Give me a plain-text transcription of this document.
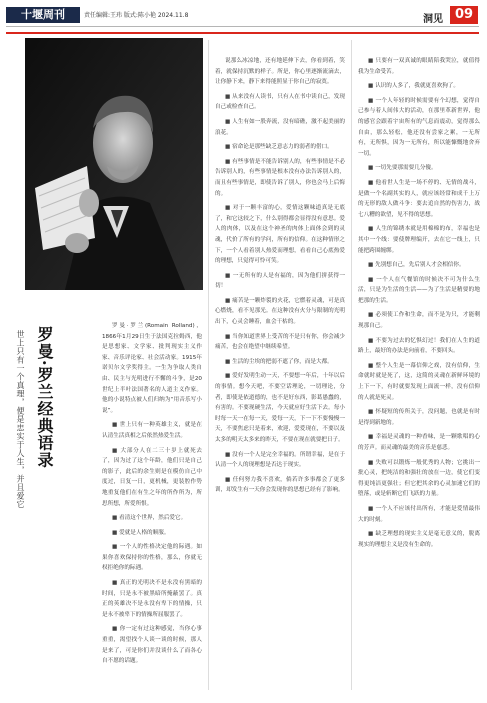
十堰周刊	责任编辑:王玮 版式:陈小艳 2024.11.8	洞见 09
罗曼·罗兰经典语录
世上只有一个真理，便是忠实于人生，并且爱它

罗曼·罗兰(Romain Rolland)，1866年1月29日生于法国克拉姆西，他是思想家、文学家、批判现实主义作家、音乐评论家、社会活动家。1915年诺贝尔文学奖得主。一生为争取人类自由、民主与光明进行不懈的斗争，是20世纪上半叶法国著名的人道主义作家。他的小说特点被人们归纳为“用音乐写小说”。

■ 世上只有一种英雄主义，就是在认清生活真相之后依然热爱生活。

■ 大部分人在二三十岁上就死去了，因为过了这个年龄，他们只是自己的影子，此后的余生则是在模仿自己中度过，日复一日，更机械，更装腔作势地重复他们在有生之年的所作所为，所思所想，所爱所恨。

■ 看清这个世界，然后爱它。

■ 爱就是人格的顺服。

■ 一个人的性格决定他的际遇。如果你喜欢保持你的性格，那么，你就无权拒绝你的际遇。

■ 真正的光明决不是永没有黑暗的时间，只是永不被黑暗所掩蔽罢了。真正的英雄决不是永没有卑下的情操，只是永不被卑下的情操所屈服罢了。

■ 你一定有过这种感觉，当你心事重重，渴望找个人谈一谈的时候，那人是来了，可是你们并没谈什么了而各心自不愿的话题。

说那么冰凉地，还有地延伸下去，你看到着，笑着，就保持沉默的样子。所是，你心里逐渐流滴去，让你静下来，静下来得能照显于你自己的寂寞。

■ 从来没有人读书，只有人在书中读自己，发现自己或检查自己。

■ 人生有如一股奔流，没有暗礁，激不起美丽的浪花。

■ 宿命论是那些缺乏意志力的弱者的借口。

■ 有些事情是不能告诉别人的，有些事情是不必告诉别人的，有些事情是根本没有办法告诉别人的，而且有些事情是，即使告诉了别人，你也会马上后悔的。

■ 对于一颗丰富的心，爱情这颗味道真是无底了，和它这较之下，什么别得都会显得没有意思。爱人的肉体，以及在这个神圣的肉体上面体会到的灵魂，代价了所有的学问，所有的信仰。在这种情形之下，一个人看着别人热爱而理想，看看自己心底热爱的理想，只觉得可怜可笑。

■ 一无所有的人是有福的，因为他们拼获得一切！

■ 痛苦是一颗炸裂的火花，它燃着灵魂，可是真心燃烧，看不见那光。在这种没有火分与限制的光明出下，心灵会睡着，血会干枯的。

■ 当你知道世界上受苦的不是只有你，你会减少痛苦，也会在绝望中继续希望。

■ 生活的尘埃的把弱不遮了你，而是大都。

■ 爱好发明生动一天，不要想一年后，十年以后的事情。想今天吧，不要空话理论，一切理论，分者，即使是依道德的，也不是好东西，影葛愚蠢的，有害的。不要现硬生活，今天就应好生活下去。每小时每一天一在每一天，爱每一天，下一下不要慢慢一天，不要焦虑只是着来，欢迎，爱爱现在，不要以及太多的明天太多来的昨天，不要在现在就要把日子。

■ 没有一个人是完全幸福的。所谓幸福，是在于认清一个人的现理想是否达于现实。

■ 任何努力我不喜欢，倘若许多事都会了更多训，却发生有一天你会发现你的思想已经有了影响。

■ 只要有一双真诚的眼睛陪我哭泣，就值得我为生命受苦。

■ 认识的人多了，我就更喜欢狗了。

■ 一个人年轻的时候需要有个幻想，觉得自己参与着人间伟大的活动，在那里革新世界，他的感官会跟着宇宙所有的气息而震动，觉得那么自由，那么轻松，他还没有尝家之累，一无所有，无所惧，因为一无所有，所以能慷慨地舍弃一切。

■ 一切先要那需要几分傻。

■ 他看世人生是一场不停的、无情的战斗，是做一个名副其实的人，就应该经常和成千上万的无形的敌人做斗争：要去追自然的伤害力，战七八糟的欲望，见不得的思想。

■ 人生的锦绣本就是用棉棉的布，幸福也是其中一个线：要使牌理编开，去在它一线上，只能把跨围缠绑。

■ 先别想自己，先后别人才会相信你。

■ 一个人在气餐馆的时候决不可为什么生活，只是为生活的生活——为了生活是精要的地把那的生活。

■ 必须使工作和生命，而不是为只，才能剩现那自己。

■ 不要为过去的忆惧幻过！我们在人生的道路上，最好的办法是向前看，不要回头。

■ 整个人生是一幕信仰之戏，没有信仰，生命就时就是死了，这，这简的灵魂在新鲜环境的上下一下，有时就要发现上面流一样，没有信仰的人就是死灵。

■ 怀疑短的传所关于，没问题，也就是有时是得到新地的。

■ 幸福是灵魂的一种香味，是一颗歌唱的心的芳声。而灵魂的最美的音乐是慈悲。

■ 失败可以锻炼一般优秀的人物；它挑出一批心灵，把纯洁的和强壮的放在一边，使它们变得更纯洁更强壮；但它把其余的心灵加速它们的堕落，或是斩断它们飞跃的力量。

■ 一个人不应该付出所有，才能是爱情最伟大的时刻。

■ 缺乏理想的现实主义是毫无意义的，脱离现实的理想主义是没有生命的。
